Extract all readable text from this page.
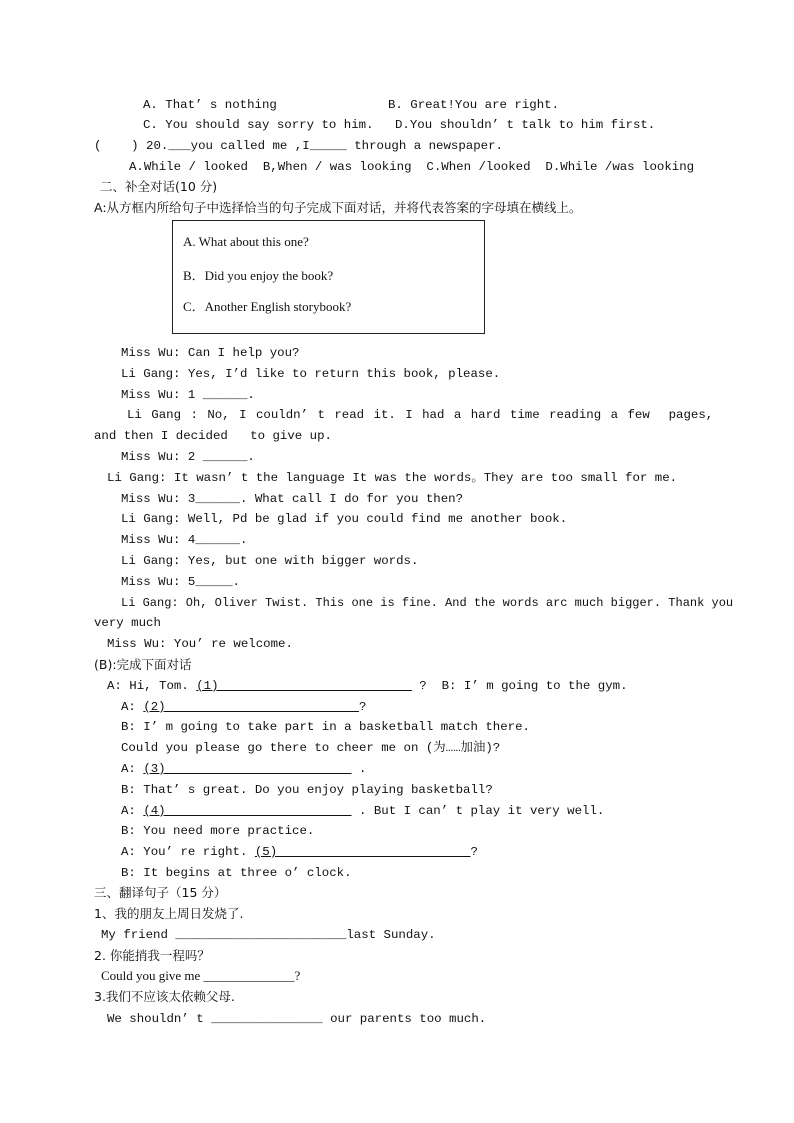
A. That’ s nothing	B. Great!You are right.
C. You should say sorry to him. D.You shouldn’ t talk to him first.
(    ) 20.___you called me ,I_____ through a newspaper.
A.While / looked  B,When / was looking  C.When /looked  D.While /was looking
二、补全对话(10 分)
A:从方框内所给句子中选择恰当的句子完成下面对话，并将代表答案的字母填在横线上。
A. What about this one?
B．Did you enjoy the book?
C．Another English storybook?
Miss Wu: Can I help you?
Li Gang: Yes, I’d like to return this book, please.
Miss Wu: 1 ______.
Li Gang : No, I couldn’ t read it. I had a hard time reading a few  pages,
and then I decided   to give up.
Miss Wu: 2 ______.
Li Gang: It wasn’ t the language It was the words。They are too small for me.
Miss Wu: 3______. What call I do for you then?
Li Gang: Well, Pd be glad if you could find me another book.
Miss Wu: 4______.
Li Gang: Yes, but one with bigger words.
Miss Wu: 5_____.
Li Gang: Oh, Oliver Twist. This one is fine. And the words arc much bigger. Thank you
very much
Miss Wu: You’ re welcome.
(B):完成下面对话
A: Hi, Tom. (1)                           ?  B: I’ m going to the gym.
A: (2)                          ?
B: I’ m going to take part in a basketball match there.
Could you please go there to cheer me on (为……加油)?
A: (3)                          .
B: That’ s great. Do you enjoy playing basketball?
A: (4)                          . But I can’ t play it very well.
B: You need more practice.
A: You’ re right. (5)                          ?
B: It begins at three o’ clock.
三、翻译句子（15 分）
1、我的朋友上周日发烧了.
My friend _______________________last Sunday.
2. 你能捎我一程吗？
Could you give me ______________?
3.我们不应该太依赖父母.
We shouldn’ t _______________ our parents too much.
